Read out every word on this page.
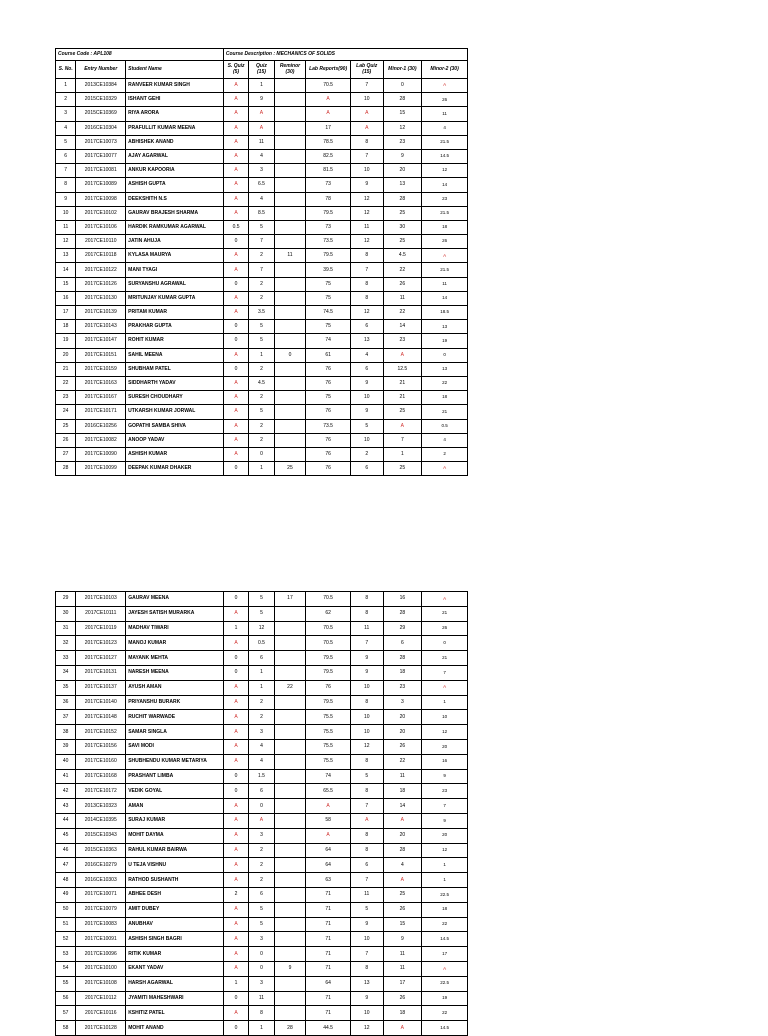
Course Code : APL108			Course Description : MECHANICS OF SOLIDS						
S. No.	Entry Number	Student Name	S. Quiz (5)	Quiz (15)	Reminor (30)	Lab Reports(90)	Lab Quiz (15)	Minor-1 (30)	Minor-2 (30)
1	2013CE10384	RANVEER KUMAR SINGH	A	1		70.5	7	0	A
2	2015CE10329	ISHANT GEHI	A	9		A	10	28	26
3	2015CE10369	RIYA ARORA	A	A		A	A	15	11
4	2016CE10304	PRAFULLIT KUMAR MEENA	A	A		17	A	12	4
5	2017CE10073	ABHISHEK ANAND	A	11		78.5	8	23	21.5
6	2017CE10077	AJAY AGARWAL	A	4		82.5	7	9	14.5
7	2017CE10081	ANKUR KAPOORIA	A	3		81.5	10	20	12
8	2017CE10089	ASHISH GUPTA	A	6.5		73	9	13	14
9	2017CE10098	DEEKSHITH N.S	A	4		78	12	28	23
10	2017CE10102	GAURAV BRAJESH SHARMA	A	8.5		79.5	12	25	21.5
11	2017CE10106	HARDIK RAMKUMAR AGARWAL	0.5	5		73	11	30	18
12	2017CE10110	JATIN AHUJA	0	7		73.5	12	25	26
13	2017CE10118	KYLASA MAURYA	A	2	11	79.5	8	4.5	A
14	2017CE10122	MANI TYAGI	A	7		39.5	7	22	21.5
15	2017CE10126	SURYANSHU AGRAWAL	0	2		75	8	26	11
16	2017CE10130	MRITUNJAY KUMAR GUPTA	A	2		75	8	11	14
17	2017CE10139	PRITAM KUMAR	A	3.5		74.5	12	22	18.5
18	2017CE10143	PRAKHAR GUPTA	0	5		75	6	14	13
19	2017CE10147	ROHIT KUMAR	0	5		74	13	23	19
20	2017CE10151	SAHIL MEENA	A	1	0	61	4	A	0
21	2017CE10159	SHUBHAM PATEL	0	2		76	6	12.5	13
22	2017CE10163	SIDDHARTH YADAV	A	4.5		76	9	21	22
23	2017CE10167	SURESH CHOUDHARY	A	2		75	10	21	18
24	2017CE10171	UTKARSH KUMAR JORWAL	A	5		76	9	25	21
25	2016CE10256	GOPATHI SAMBA SHIVA	A	2		73.5	5	A	0.5
26	2017CE10082	ANOOP YADAV	A	2		76	10	7	4
27	2017CE10090	ASHISH KUMAR	A	0		76	2	1	2
28	2017CE10099	DEEPAK KUMAR DHAKER	0	1	25	76	6	25	A
29	2017CE10103	GAURAV MEENA	0	5	17	70.5	8	16	A
30	2017CE10111	JAYESH SATISH MURARKA	A	5		62	8	28	21
31	2017CE10119	MADHAV TIWARI	1	12		70.5	11	29	26
32	2017CE10123	MANOJ KUMAR	A	0.5		70.5	7	6	0
33	2017CE10127	MAYANK MEHTA	0	6		79.5	9	28	21
34	2017CE10131	NARESH MEENA	0	1		79.5	9	18	7
35	2017CE10137	AYUSH AMAN	A	1	22	76	10	23	A
36	2017CE10140	PRIYANSHU BURARK	A	2		79.5	8	3	1
37	2017CE10148	RUCHIT WARWADE	A	2		75.5	10	20	10
38	2017CE10152	SAMAR SINGLA	A	3		75.5	10	20	12
39	2017CE10156	SAVI MODI	A	4		75.5	12	26	20
40	2017CE10160	SHUBHENDU KUMAR METARIYA	A	4		75.5	8	22	16
41	2017CE10168	PRASHANT LIMBA	0	1.5		74	5	11	9
42	2017CE10172	VEDIK GOYAL	0	6		65.5	8	18	23
43	2013CE10323	AMAN	A	0		A	7	14	7
44	2014CE10395	SURAJ KUMAR	A	A		58	A	A	9
45	2015CE10343	MOHIT DAYMA	A	3		A	8	20	20
46	2015CE10363	RAHUL KUMAR BAIRWA	A	2		64	8	28	12
47	2016CE10279	U TEJA VISHNU	A	2		64	6	4	1
48	2016CE10303	RATHOD SUSHANTH	A	2		63	7	A	1
49	2017CE10071	ABHEE DESH	2	6		71	11	25	22.5
50	2017CE10079	AMIT DUBEY	A	5		71	5	26	18
51	2017CE10083	ANUBHAV	A	5		71	9	15	22
52	2017CE10091	ASHISH SINGH BAGRI	A	3		71	10	9	14.5
53	2017CE10096	RITIK KUMAR	A	0		71	7	11	17
54	2017CE10100	EKANT YADAV	A	0	9	71	8	11	A
55	2017CE10108	HARSH AGARWAL	1	3		64	13	17	22.5
56	2017CE10112	JYAMITI MAHESHWARI	0	11		71	9	26	19
57	2017CE10116	KSHITIZ PATEL	A	8		71	10	18	22
58	2017CE10128	MOHIT ANAND	0	1	28	44.5	12	A	14.5
